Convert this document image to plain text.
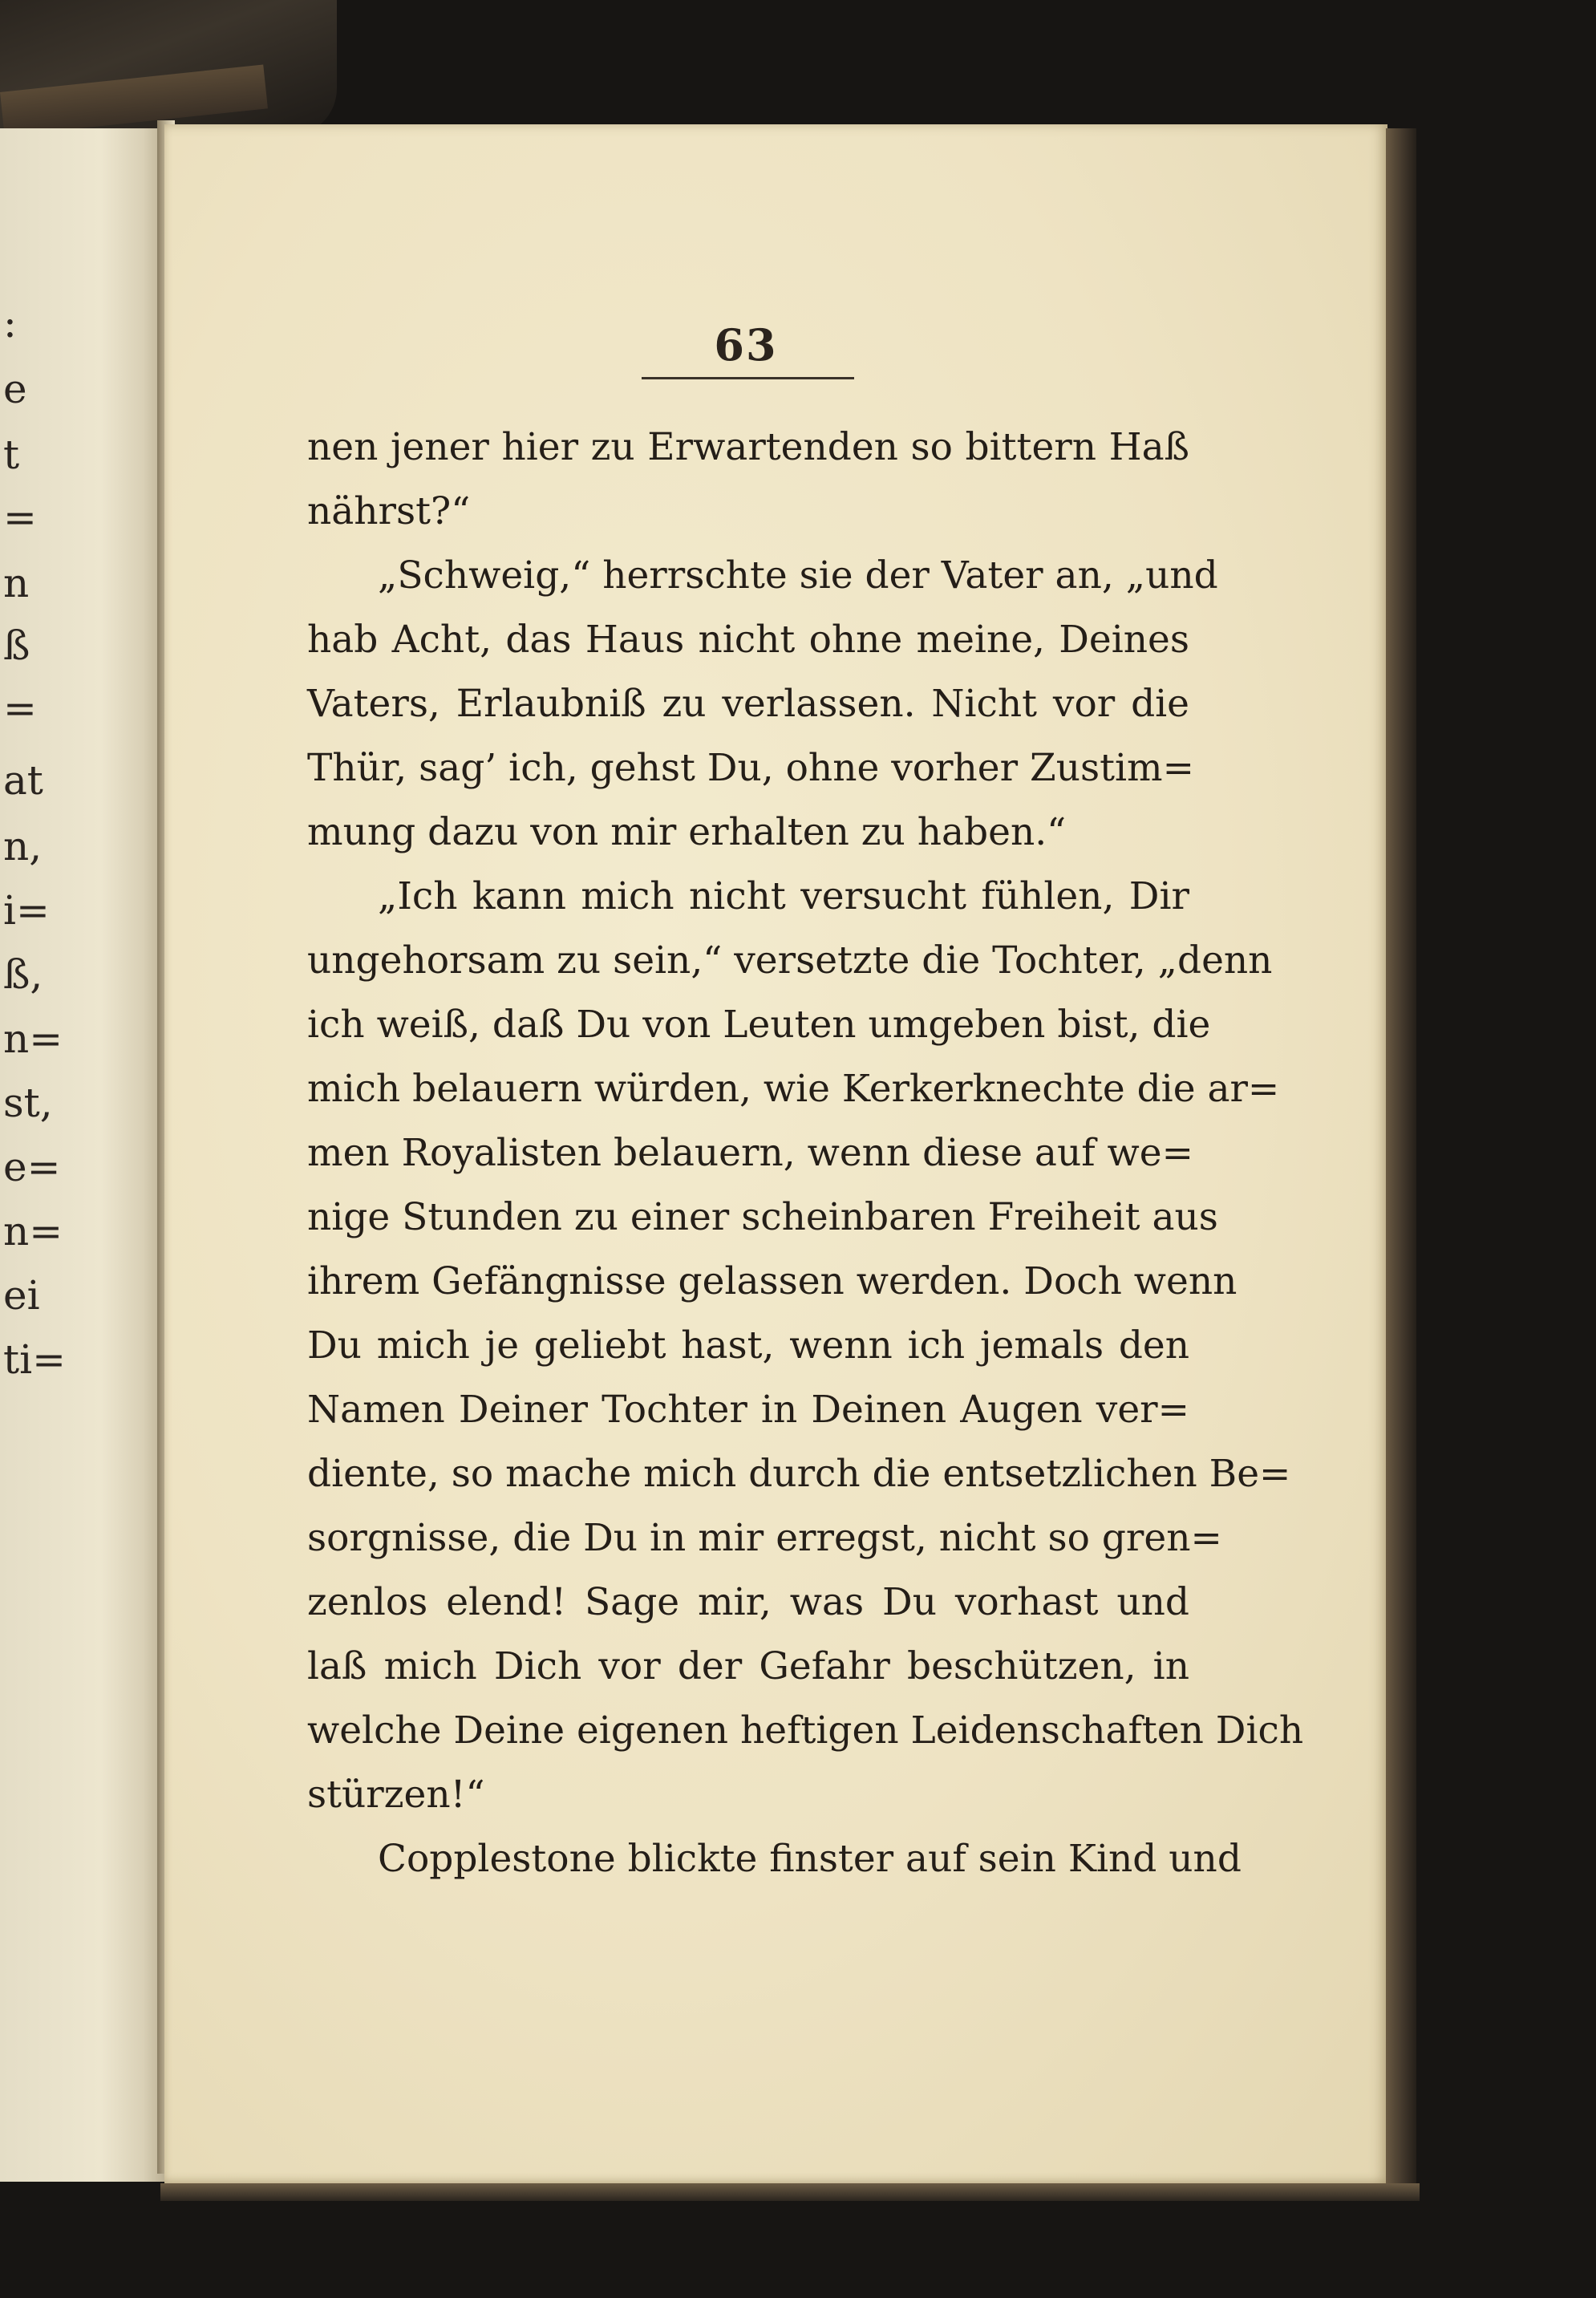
:
e
t
=
n
ß
=
at
n,
i=
ß,
n=
st,
e=
n=
ei
ti=
63
nen jener hier zu Erwartenden so bittern Haß
nährst?“
„Schweig,“ herrschte sie der Vater an, „und
hab Acht, das Haus nicht ohne meine, Deines
Vaters, Erlaubniß zu verlassen. Nicht vor die
Thür, sag’ ich, gehst Du, ohne vorher Zustim=
mung dazu von mir erhalten zu haben.“
„Ich kann mich nicht versucht fühlen, Dir
ungehorsam zu sein,“ versetzte die Tochter, „denn
ich weiß, daß Du von Leuten umgeben bist, die
mich belauern würden, wie Kerkerknechte die ar=
men Royalisten belauern, wenn diese auf we=
nige Stunden zu einer scheinbaren Freiheit aus
ihrem Gefängnisse gelassen werden. Doch wenn
Du mich je geliebt hast, wenn ich jemals den
Namen Deiner Tochter in Deinen Augen ver=
diente, so mache mich durch die entsetzlichen Be=
sorgnisse, die Du in mir erregst, nicht so gren=
zenlos elend! Sage mir, was Du vorhast und
laß mich Dich vor der Gefahr beschützen, in
welche Deine eigenen heftigen Leidenschaften Dich
stürzen!“
Copplestone blickte finster auf sein Kind und
